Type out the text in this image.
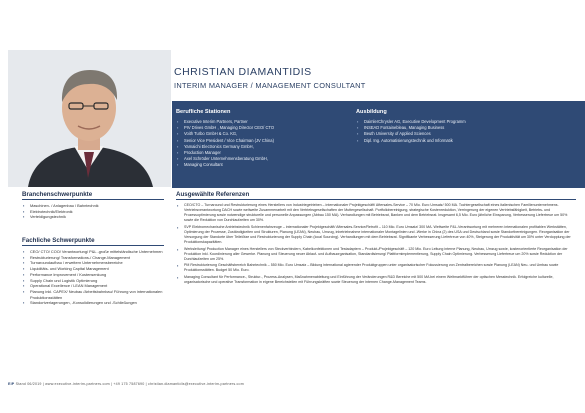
CHRISTIAN DIAMANTIDIS
INTERIM MANAGER / MANAGEMENT CONSULTANT
Berufliche Stationen
▪ Executive Interim Partners, Partner
▪ PIV Drives GmbH , Managing Director CEO/ CTO
▪ Voith Turbo GmbH & Co. KG,
▪ Senior Vice President / Vice Chairman (JV China)
▪ Yamaichi Electronics Germany GmbH,
▪ Production Manager
▪ Axel Schröder Unternehmensberatung GmbH,
▪ Managing Consultant
Ausbildung
▪ DaimlerChrysler AG, Executive Development Programm
▪ INSEAD Fontainebleau, Managing Business
▪ Beuth University of Applied Sciences
▪ Dipl. Ing. Automatisierungstechnik und Informatik
Branchenschwerpunkte
▪ Maschinen- / Anlagenbau / Bahntechnik
▪ Elektrotechnik/Elektronik
▪ Verteidigungstechnik
Fachliche Schwerpunkte
▪ CEO/ CTO/ COO/ Verantwortung/ P&L -große mittelständische Unternehmen
▪ Restrukturierung/ Transformations-/ Change-Management
▪ Turnaroundaufbau / erweitern Unternehmensbereiche
▪ Liquiditäts- und Working Capital Management
▪ Performance Improvement / Kostensenkung
▪ Supply Chain und Logistik Optimierung
▪ Operational Excellence / LEAN Management
▪ Planung inkl. CAPEX/ Neubau /Arbeitsbahnbau/ Führung von internationalen Produktionsstätten
▪ Standortverlagerungen, -Konsolidierungen und -Schließungen
Ausgewählte Referenzen
▪ CEO/CTO – Turnaround und Restrukturierung eines Herstellers von Industriegetrieben – internationaler Projektgeschäft/ Aftersales-Service – 70 Mio. Euro Umsatz/ 500 MA. Tochtergesellschaft eines italienischen Familienunternehmens. Vertriebsverantwortung DACH sowie weltweite Zusammenarbeit mit den Vertriebsgesellschaften der Muttergesellschaft. Portfoliobereinigung, strategische Kostenreduktion, Verringerung der eigenen Vertriebsfähigkeit, Betriebs- und Prozessoptimierung sowie notwendige strukturelle und personelle Anpassungen (Abbau 150 MA). Verhandlungen mit Betriebsrat, Banken und dem Betriebsrat. Insgesamt 6,5 Mio. Euro jährliche Einsparung, Verbesserung Liefertreue um 50% sowie die Reduktion von Durchlaufzeiten um 30%.
▪ SVP Elektromechanische Antriebstechnik Schienenfahrzeuge – internationaler Projektgeschäft/ Aftersales-Service/Retrofit – 110 Mio. Euro Umsatz/ 300 MA. Weltweite P&L-Verantwortung mit mehreren internationalen profitablen Werkstätten, Optimierung der Prozesse, Zuständigkeiten und Strukturen, Planung (LEAN), Neubau, Umzug, inbetriebnahme internationaler Montagelinien und -Werke in China (2) des USA und Deutschland sowie Standortbereinigungen. Reorganisation der Versorgung der Standorte über Teilelötze und Restrukturierung der Supply Chain (local Sourcing). Verhandlungen mit dem Betriebsrat. Signifikante Verbesserung Liefertreue von 40%, Steigerung der Produktivität um 30% unter Verdopplung der Produktionskapazitäten.
▪ Werksleitung/ Production Manager eines Herstellers von Steckverbindern, Kabelkonfektionen und Testadaptern – Produkt-/Projektgeschäft – 120 Mio. Euro Leitung interne Planung, Neubau, Umzug sowie, kostenorientierte Reorganisation der Produktion inkl. Koordinierung aller Gewerke. Planung und Steuerung neuer Ablauf- und Aufbauorganisation, Standardisierung/ Plattformimplementierung, Supply Chain Optimierung. Verbesserung Liefertreue um 20% sowie Reduktion der Durchlaufzeiten um 25%.
▪ PM Restrukturierung Geschäftsbereich Bahntechnik – 550 Mio. Euro Umsatz – Bildung international agierender Produktgruppen unter organisatorischer Fokussierung von Zentralbereichen sowie Planung (LEAN) Neu- und Umbau sowie Produktionsstätten. Budget 50 Mio. Euro.
▪ Managing Consultant für Performance-, Struktur-, Prozess-Analysen, Maßnahmenableitung und Einführung der Veränderungen R&D Bereiche mit 500 MA bei einem Weltmarktführer der optischen Messtechnik. Erfolgreiche kulturelle, organisatorische und operative Transformation in eigene Bereichsteilen mit Führungskräften sowie Steuerung der internen Change-Management Teams.
EIP Stand 06/2019 | www.executive-interim-partners.com | +49 175 7587690 | christian.diamantidis@executive-interim-partners.com
